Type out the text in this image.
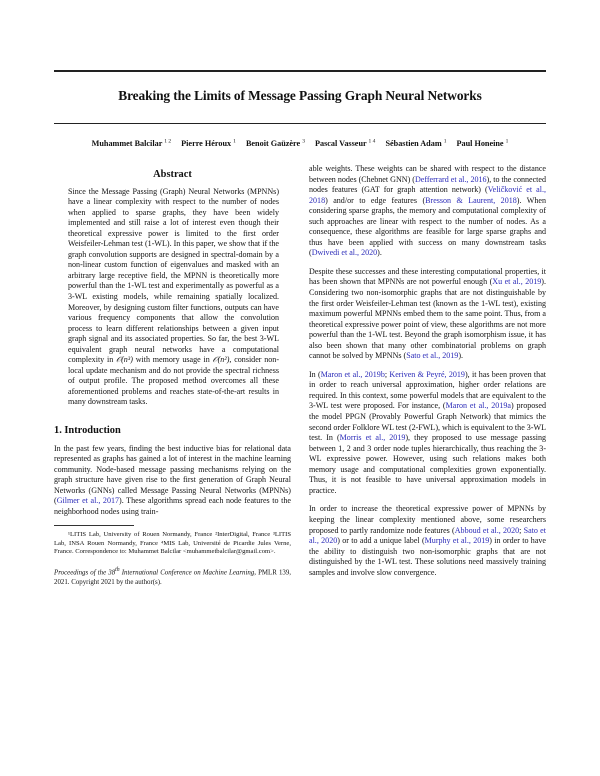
Breaking the Limits of Message Passing Graph Neural Networks
Muhammet Balcilar $^{1 2}$ Pierre Héroux $^1$ Benoit Gaüzère $^3$ Pascal Vasseur $^{1 4}$ Sébastien Adam $^1$ Paul Honeine $^1$
Abstract

Since the Message Passing (Graph) Neural Networks (MPNNs) have a linear complexity with respect to the number of nodes when applied to sparse graphs, they have been widely implemented and still raise a lot of interest even though their theoretical expressive power is limited to the first order Weisfeiler-Lehman test (1-WL). In this paper, we show that if the graph convolution supports are designed in spectral-domain by a non-linear custom function of eigenvalues and masked with an arbitrary large receptive field, the MPNN is theoretically more powerful than the 1-WL test and experimentally as powerful as a 3-WL existing models, while remaining spatially localized. Moreover, by designing custom filter functions, outputs can have various frequency components that allow the convolution process to learn different relationships between a given input graph signal and its associated properties. So far, the best 3-WL equivalent graph neural networks have a computational complexity in 𝒪(n³) with memory usage in 𝒪(n²), consider non-local update mechanism and do not provide the spectral richness of output profile. The proposed method overcomes all these aforementioned problems and reaches state-of-the-art results in many downstream tasks.

1. Introduction

In the past few years, finding the best inductive bias for relational data represented as graphs has gained a lot of interest in the machine learning community. Node-based message passing mechanisms relying on the graph structure have given rise to the first generation of Graph Neural Networks (GNNs) called Message Passing Neural Networks (MPNNs) (Gilmer et al., 2017). These algorithms spread each node features to the neighborhood nodes using train-

¹LITIS Lab, University of Rouen Normandy, France ²InterDigital, France ³LITIS Lab, INSA Rouen Normandy, France ⁴MIS Lab, Université de Picardie Jules Verne, France. Correspondence to: Muhammet Balcilar <muhammetbalcilar@gmail.com>.

Proceedings of the 38th International Conference on Machine Learning, PMLR 139, 2021. Copyright 2021 by the author(s).

able weights. These weights can be shared with respect to the distance between nodes (Chebnet GNN) (Defferrard et al., 2016), to the connected nodes features (GAT for graph attention network) (Veličković et al., 2018) and/or to edge features (Bresson & Laurent, 2018). When considering sparse graphs, the memory and computational complexity of such approaches are linear with respect to the number of nodes. As a consequence, these algorithms are feasible for large sparse graphs and thus have been applied with success on many downstream tasks (Dwivedi et al., 2020).

Despite these successes and these interesting computational properties, it has been shown that MPNNs are not powerful enough (Xu et al., 2019). Considering two non-isomorphic graphs that are not distinguishable by the first order Weisfeiler-Lehman test (known as the 1-WL test), existing maximum powerful MPNNs embed them to the same point. Thus, from a theoretical expressive power point of view, these algorithms are not more powerful than the 1-WL test. Beyond the graph isomorphism issue, it has also been shown that many other combinatorial problems on graph cannot be solved by MPNNs (Sato et al., 2019).

In (Maron et al., 2019b; Keriven & Peyré, 2019), it has been proven that in order to reach universal approximation, higher order relations are required. In this context, some powerful models that are equivalent to the 3-WL test were proposed. For instance, (Maron et al., 2019a) proposed the model PPGN (Provably Powerful Graph Network) that mimics the second order Folklore WL test (2-FWL), which is equivalent to the 3-WL test. In (Morris et al., 2019), they proposed to use message passing between 1, 2 and 3 order node tuples hierarchically, thus reaching the 3-WL expressive power. However, using such relations makes both memory usage and computational complexities grown exponentially. Thus, it is not feasible to have universal approximation models in practice.

In order to increase the theoretical expressive power of MPNNs by keeping the linear complexity mentioned above, some researchers proposed to partly randomize node features (Abboud et al., 2020; Sato et al., 2020) or to add a unique label (Murphy et al., 2019) in order to have the ability to distinguish two non-isomorphic graphs that are not distinguished by the 1-WL test. These solutions need massively training samples and involve slow convergence.
